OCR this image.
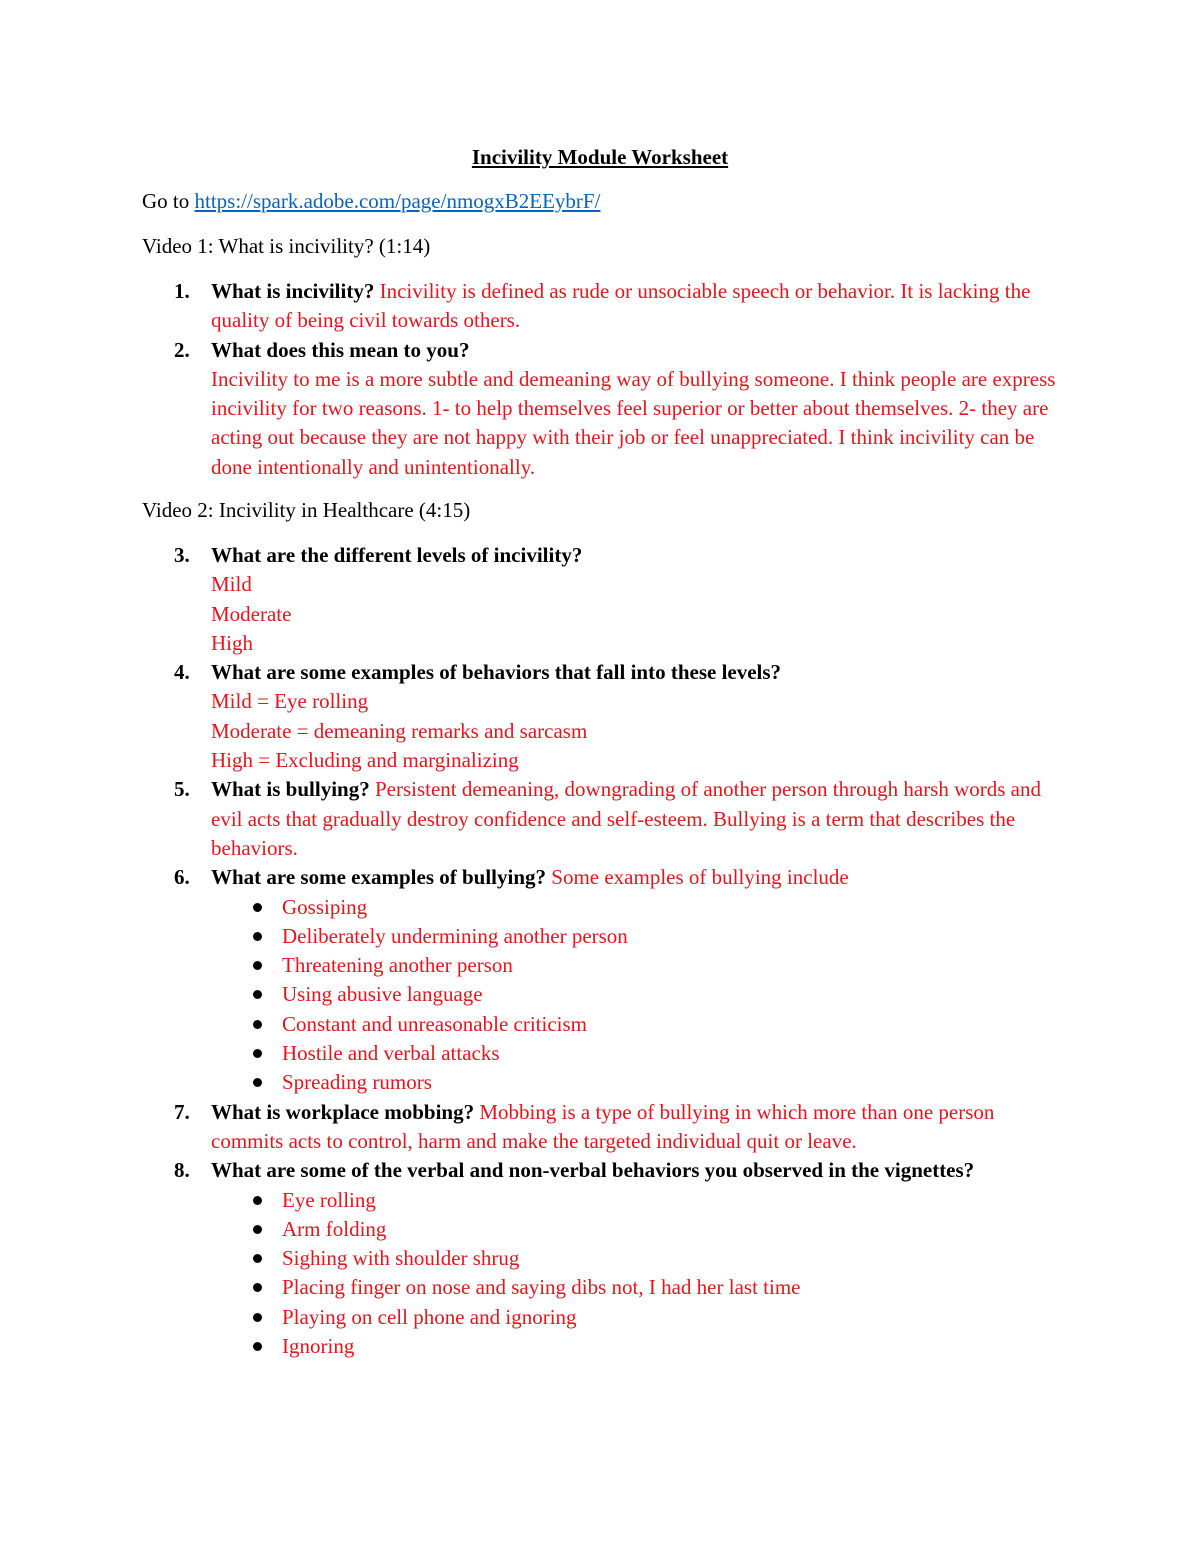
Incivility Module Worksheet
Go to https://spark.adobe.com/page/nmogxB2EEybrF/
Video 1: What is incivility? (1:14)
1. What is incivility? Incivility is defined as rude or unsociable speech or behavior. It is lacking the quality of being civil towards others.
2. What does this mean to you?
Incivility to me is a more subtle and demeaning way of bullying someone. I think people are express incivility for two reasons. 1- to help themselves feel superior or better about themselves. 2- they are acting out because they are not happy with their job or feel unappreciated. I think incivility can be done intentionally and unintentionally.
Video 2: Incivility in Healthcare (4:15)
3. What are the different levels of incivility?
Mild
Moderate
High
4. What are some examples of behaviors that fall into these levels?
Mild = Eye rolling
Moderate = demeaning remarks and sarcasm
High = Excluding and marginalizing
5. What is bullying? Persistent demeaning, downgrading of another person through harsh words and evil acts that gradually destroy confidence and self-esteem. Bullying is a term that describes the behaviors.
6. What are some examples of bullying? Some examples of bullying include
Gossiping
Deliberately undermining another person
Threatening another person
Using abusive language
Constant and unreasonable criticism
Hostile and verbal attacks
Spreading rumors
7. What is workplace mobbing? Mobbing is a type of bullying in which more than one person commits acts to control, harm and make the targeted individual quit or leave.
8. What are some of the verbal and non-verbal behaviors you observed in the vignettes?
Eye rolling
Arm folding
Sighing with shoulder shrug
Placing finger on nose and saying dibs not, I had her last time
Playing on cell phone and ignoring
Ignoring
